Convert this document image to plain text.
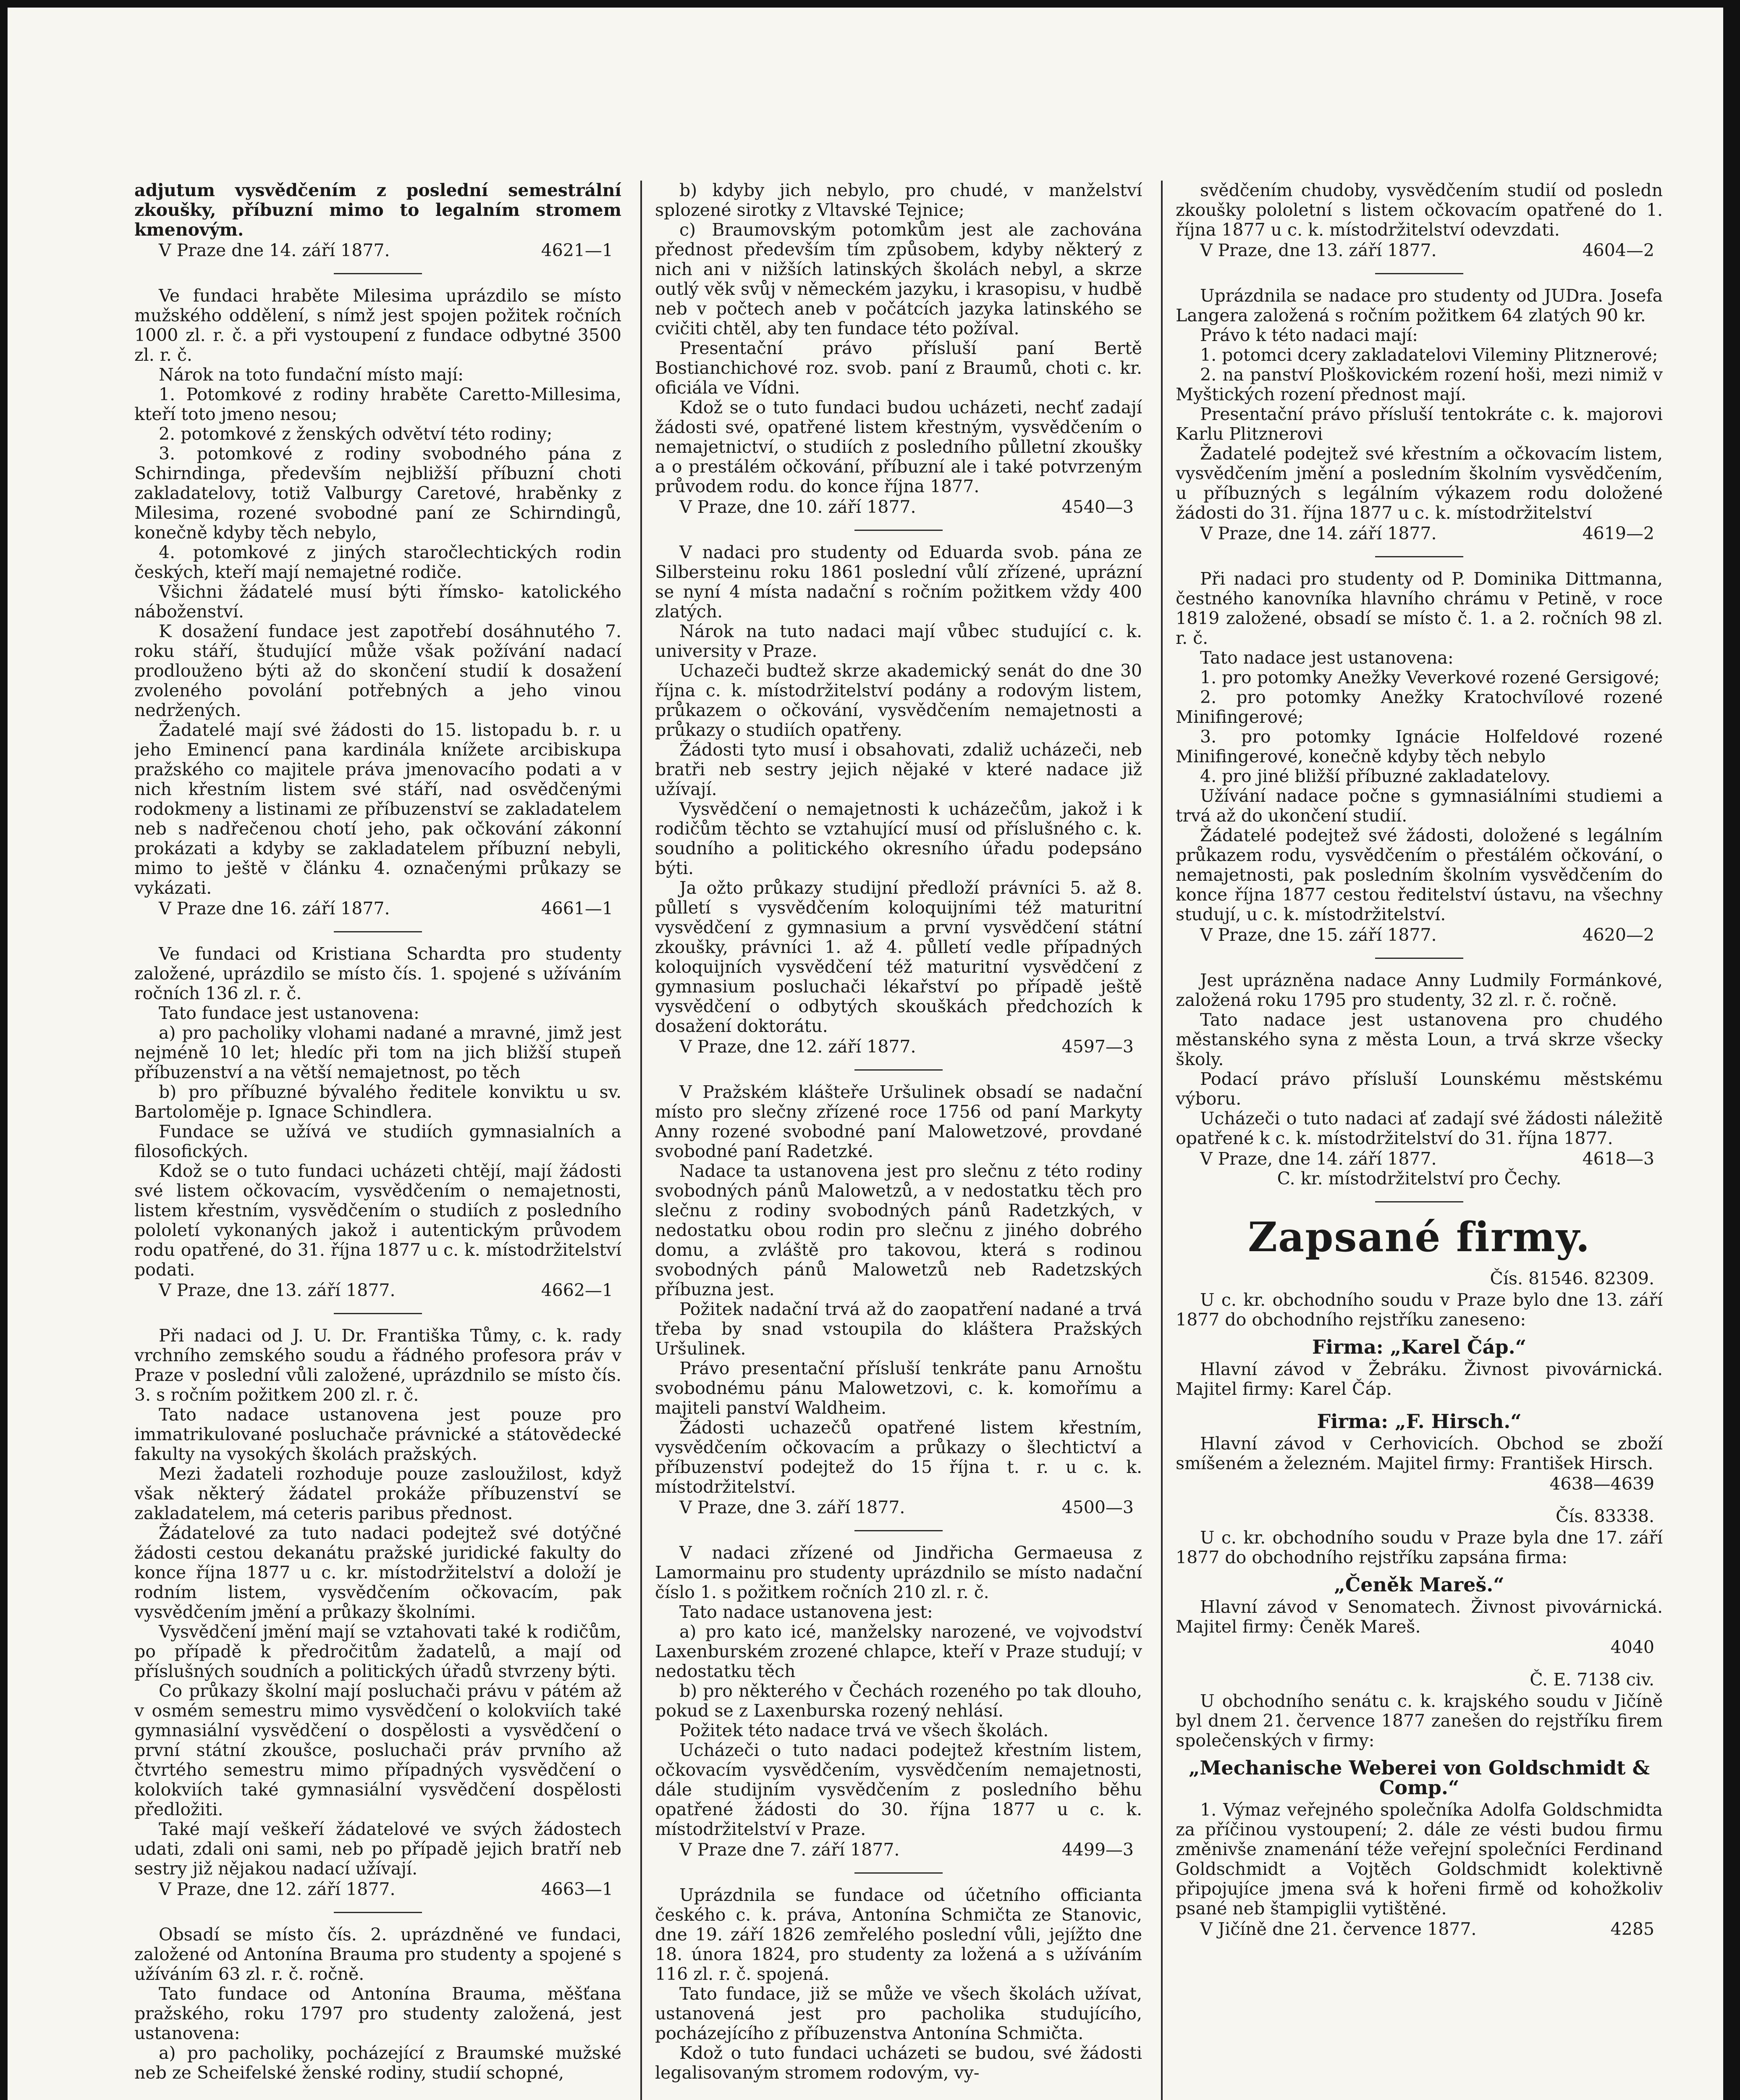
adjutum vysvědčením z poslední semestrální zkoušky, příbuzní mimo to legalním stromem kmenovým.

V Praze dne 14. září 1877.	4621—1

Ve fundaci hraběte Milesima uprázdilo se místo mužského oddělení, s nímž jest spojen požitek ročních 1000 zl. r. č. a při vystoupení z fundace odbytné 3500 zl. r. č.

Nárok na toto fundační místo mají:

1. Potomkové z rodiny hraběte Caretto-Millesima, kteří toto jmeno nesou;

2. potomkové z ženských odvětví této rodiny;

3. potomkové z rodiny svobodného pána z Schirndinga, především nejbližší příbuzní choti zakladatelovy, totiž Valburgy Caretové, hraběnky z Milesima, rozené svobodné paní ze Schirndingů, konečně kdyby těch nebylo,

4. potomkové z jiných staročlechtických rodin českých, kteří mají nemajetné rodiče.

Všichni žádatelé musí býti římsko- katolického náboženství.

K dosažení fundace jest zapotřebí dosáhnutého 7. roku stáří, študující může však požívání nadací prodlouženo býti až do skončení studií k dosažení zvoleného povolání potřebných a jeho vinou nedržených.

Žadatelé mají své žádosti do 15. listopadu b. r. u jeho Eminencí pana kardinála knížete arcibiskupa pražského co majitele práva jmenovacího podati a v nich křestním listem své stáří, nad osvědčenými rodokmeny a listinami ze příbuzenství se zakladatelem neb s nadřečenou chotí jeho, pak očkování zákonní prokázati a kdyby se zakladatelem příbuzní nebyli, mimo to ještě v článku 4. označenými průkazy se vykázati.

V Praze dne 16. září 1877.	4661—1

Ve fundaci od Kristiana Schardta pro studenty založené, uprázdilo se místo čís. 1. spojené s užíváním ročních 136 zl. r. č.

Tato fundace jest ustanovena:

a) pro pacholiky vlohami nadané a mravné, jimž jest nejméně 10 let; hledíc při tom na jich bližší stupeň příbuzenství a na větší nemajetnost, po těch

b) pro příbuzné bývalého ředitele konviktu u sv. Bartoloměje p. Ignace Schindlera.

Fundace se užívá ve studiích gymnasialních a filosofických.

Kdož se o tuto fundaci ucházeti chtějí, mají žádosti své listem očkovacím, vysvědčením o nemajetnosti, listem křestním, vysvědčením o studiích z posledního pololetí vykonaných jakož i autentickým průvodem rodu opatřené, do 31. října 1877 u c. k. místodržitelství podati.

V Praze, dne 13. září 1877.	4662—1

Při nadaci od J. U. Dr. Františka Tůmy, c. k. rady vrchního zemského soudu a řádného profesora práv v Praze v poslední vůli založené, uprázdnilo se místo čís. 3. s ročním požitkem 200 zl. r. č.

Tato nadace ustanovena jest pouze pro immatrikulované posluchače právnické a státovědecké fakulty na vysokých školách pražských.

Mezi žadateli rozhoduje pouze zasloužilost, když však některý žádatel prokáže příbuzenství se zakladatelem, má ceteris paribus přednost.

Žádatelové za tuto nadaci podejtež své dotýčné žádosti cestou dekanátu pražské juridické fakulty do konce října 1877 u c. kr. místodržitelství a doloží je rodním listem, vysvědčením očkovacím, pak vysvědčením jmění a průkazy školními.

Vysvědčení jmění mají se vztahovati také k rodičům, po případě k předročitům žadatelů, a mají od příslušných soudních a politických úřadů stvrzeny býti.

Co průkazy školní mají posluchači právu v pátém až v osmém semestru mimo vysvědčení o kolokviích také gymnasiální vysvědčení o dospělosti a vysvědčení o první státní zkoušce, posluchači práv prvního až čtvrtého semestru mimo případných vysvědčení o kolokviích také gymnasiální vysvědčení dospělosti předložiti.

Také mají veškeří žádatelové ve svých žádostech udati, zdali oni sami, neb po případě jejich bratří neb sestry již nějakou nadací užívají.

V Praze, dne 12. září 1877.	4663—1

Obsadí se místo čís. 2. uprázdněné ve fundaci, založené od Antonína Brauma pro studenty a spojené s užíváním 63 zl. r. č. ročně.

Tato fundace od Antonína Brauma, měšťana pražského, roku 1797 pro studenty založená, jest ustanovena:

a) pro pacholiky, pocházející z Braumské mužské neb ze Scheifelské ženské rodiny, studií schopné,

b) kdyby jich nebylo, pro chudé, v manželství splozené sirotky z Vltavské Tejnice;

c) Braumovským potomkům jest ale zachována přednost především tím způsobem, kdyby některý z nich ani v nižších latinských školách nebyl, a skrze outlý věk svůj v německém jazyku, i krasopisu, v hudbě neb v počtech aneb v počátcích jazyka latinského se cvičiti chtěl, aby ten fundace této požíval.

Presentační právo přísluší paní Bertě Bostianchichové roz. svob. paní z Braumů, choti c. kr. oficiála ve Vídni.

Kdož se o tuto fundaci budou ucházeti, nechť zadají žádosti své, opatřené listem křestným, vysvědčením o nemajetnictví, o studiích z posledního půlletní zkoušky a o prestálém očkování, příbuzní ale i také potvrzeným průvodem rodu. do konce října 1877.

V Praze, dne 10. září 1877.	4540—3

V nadaci pro studenty od Eduarda svob. pána ze Silbersteinu roku 1861 poslední vůlí zřízené, uprázní se nyní 4 místa nadační s ročním požitkem vždy 400 zlatých.

Nárok na tuto nadaci mají vůbec studující c. k. university v Praze.

Uchazeči budtež skrze akademický senát do dne 30 října c. k. místodržitelství podány a rodovým listem, průkazem o očkování, vysvědčením nemajetnosti a průkazy o studiích opatřeny.

Žádosti tyto musí i obsahovati, zdaliž ucházeči, neb bratři neb sestry jejich nějaké v které nadace již užívají.

Vysvědčení o nemajetnosti k ucházečům, jakož i k rodičům těchto se vztahující musí od příslušného c. k. soudního a politického okresního úřadu podepsáno býti.

Ja ožto průkazy studijní předloží právníci 5. až 8. půlletí s vysvědčením koloquijními též maturitní vysvědčení z gymnasium a první vysvědčení státní zkoušky, právníci 1. až 4. půlletí vedle případných koloquijních vysvědčení též maturitní vysvědčení z gymnasium posluchači lékařství po případě ještě vysvědčení o odbytých skouškách předchozích k dosažení doktorátu.

V Praze, dne 12. září 1877.	4597—3

V Pražském klášteře Uršulinek obsadí se nadační místo pro slečny zřízené roce 1756 od paní Markyty Anny rozené svobodné paní Malowetzové, provdané svobodné paní Radetzké.

Nadace ta ustanovena jest pro slečnu z této rodiny svobodných pánů Malowetzů, a v nedostatku těch pro slečnu z rodiny svobodných pánů Radetzkých, v nedostatku obou rodin pro slečnu z jiného dobrého domu, a zvláště pro takovou, která s rodinou svobodných pánů Malowetzů neb Radetzských příbuzna jest.

Požitek nadační trvá až do zaopatření nadané a trvá třeba by snad vstoupila do kláštera Pražských Uršulinek.

Právo presentační přísluší tenkráte panu Arnoštu svobodnému pánu Malowetzovi, c. k. komořímu a majiteli panství Waldheim.

Žádosti uchazečů opatřené listem křestním, vysvědčením očkovacím a průkazy o šlechtictví a příbuzenství podejtež do 15 října t. r. u c. k. místodržitelství.

V Praze, dne 3. září 1877.	4500—3

V nadaci zřízené od Jindřicha Germaeusa z Lamormainu pro studenty uprázdnilo se místo nadační číslo 1. s požitkem ročních 210 zl. r. č.

Tato nadace ustanovena jest:

a) pro kato icé, manželsky narozené, ve vojvodství Laxenburském zrozené chlapce, kteří v Praze studují; v nedostatku těch

b) pro některého v Čechách rozeného po tak dlouho, pokud se z Laxenburska rozený nehlásí.

Požitek této nadace trvá ve všech školách.

Ucházeči o tuto nadaci podejtež křestním listem, očkovacím vysvědčením, vysvědčením nemajetnosti, dále studijním vysvědčením z posledního běhu opatřené žádosti do 30. října 1877 u c. k. místodržitelství v Praze.

V Praze dne 7. září 1877.	4499—3

Uprázdnila se fundace od účetního officianta českého c. k. práva, Antonína Schmičta ze Stanovic, dne 19. září 1826 zemřelého poslední vůli, jejížto dne 18. února 1824, pro studenty za ložená a s užíváním 116 zl. r. č. spojená.

Tato fundace, již se může ve všech školách užívat, ustanovená jest pro pacholika studujícího, pocházejícího z příbuzenstva Antonína Schmičta.

Kdož o tuto fundaci ucházeti se budou, své žádosti legalisovaným stromem rodovým, vy-

svědčením chudoby, vysvědčením studií od posledn zkoušky pololetní s listem očkovacím opatřené do 1. října 1877 u c. k. místodržitelství odevzdati.

V Praze, dne 13. září 1877.	4604—2

Uprázdnila se nadace pro studenty od JUDra. Josefa Langera založená s ročním požitkem 64 zlatých 90 kr.

Právo k této nadaci mají:

1. potomci dcery zakladatelovi Vileminy Plitznerové;

2. na panství Ploškovickém rození hoši, mezi nimiž v Myštických rození přednost mají.

Presentační právo přísluší tentokráte c. k. majorovi Karlu Plitznerovi

Žadatelé podejtež své křestním a očkovacím listem, vysvědčením jmění a posledním školním vysvědčením, u příbuzných s legálním výkazem rodu doložené žádosti do 31. října 1877 u c. k. místodržitelství

V Praze, dne 14. září 1877.	4619—2

Při nadaci pro studenty od P. Dominika Dittmanna, čestného kanovníka hlavního chrámu v Petině, v roce 1819 založené, obsadí se místo č. 1. a 2. ročních 98 zl. r. č.

Tato nadace jest ustanovena:

1. pro potomky Anežky Veverkové rozené Gersigové;

2. pro potomky Anežky Kratochvílové rozené Minifingerové;

3. pro potomky Ignácie Holfeldové rozené Minifingerové, konečně kdyby těch nebylo

4. pro jiné bližší příbuzné zakladatelovy.

Užívání nadace počne s gymnasiálními studiemi a trvá až do ukončení studií.

Žádatelé podejtež své žádosti, doložené s legálním průkazem rodu, vysvědčením o přestálém očkování, o nemajetnosti, pak posledním školním vysvědčením do konce října 1877 cestou ředitelství ústavu, na všechny studují, u c. k. místodržitelství.

V Praze, dne 15. září 1877.	4620—2

Jest uprázněna nadace Anny Ludmily Formánkové, založená roku 1795 pro studenty, 32 zl. r. č. ročně.

Tato nadace jest ustanovena pro chudého městanského syna z města Loun, a trvá skrze všecky školy.

Podací právo přísluší Lounskému městskému výboru.

Ucházeči o tuto nadaci ať zadají své žádosti náležitě opatřené k c. k. místodržitelství do 31. října 1877.

V Praze, dne 14. září 1877.	4618—3

C. kr. místodržitelství pro Čechy.

Zapsané firmy.
Čís. 81546. 82309.

U c. kr. obchodního soudu v Praze bylo dne 13. září 1877 do obchodního rejstříku zaneseno:

Firma: „Karel Čáp.“

Hlavní závod v Žebráku. Živnost pivovárnická. Majitel firmy: Karel Čáp.

Firma: „F. Hirsch.“

Hlavní závod v Cerhovicích. Obchod se zboží smíšeném a železném. Majitel firmy: František Hirsch.

4638—4639
Čís. 83338.

U c. kr. obchodního soudu v Praze byla dne 17. září 1877 do obchodního rejstříku zapsána firma:

„Čeněk Mareš.“

Hlavní závod v Senomatech. Živnost pivovárnická. Majitel firmy: Čeněk Mareš.

4040
Č. E. 7138 civ.

U obchodního senátu c. k. krajského soudu v Jičíně byl dnem 21. července 1877 zanešen do rejstříku firem společenských v firmy:

„Mechanische Weberei von Goldschmidt & Comp.“

1. Výmaz veřejného společníka Adolfa Goldschmidta za příčinou vystoupení; 2. dále ze vésti budou firmu změnivše znamenání téže veřejní společníci Ferdinand Goldschmidt a Vojtěch Goldschmidt kolektivně připojujíce jmena svá k hořeni firmě od kohožkoliv psané neb štampiglii vytištěné.

V Jičíně dne 21. července 1877.	4285
